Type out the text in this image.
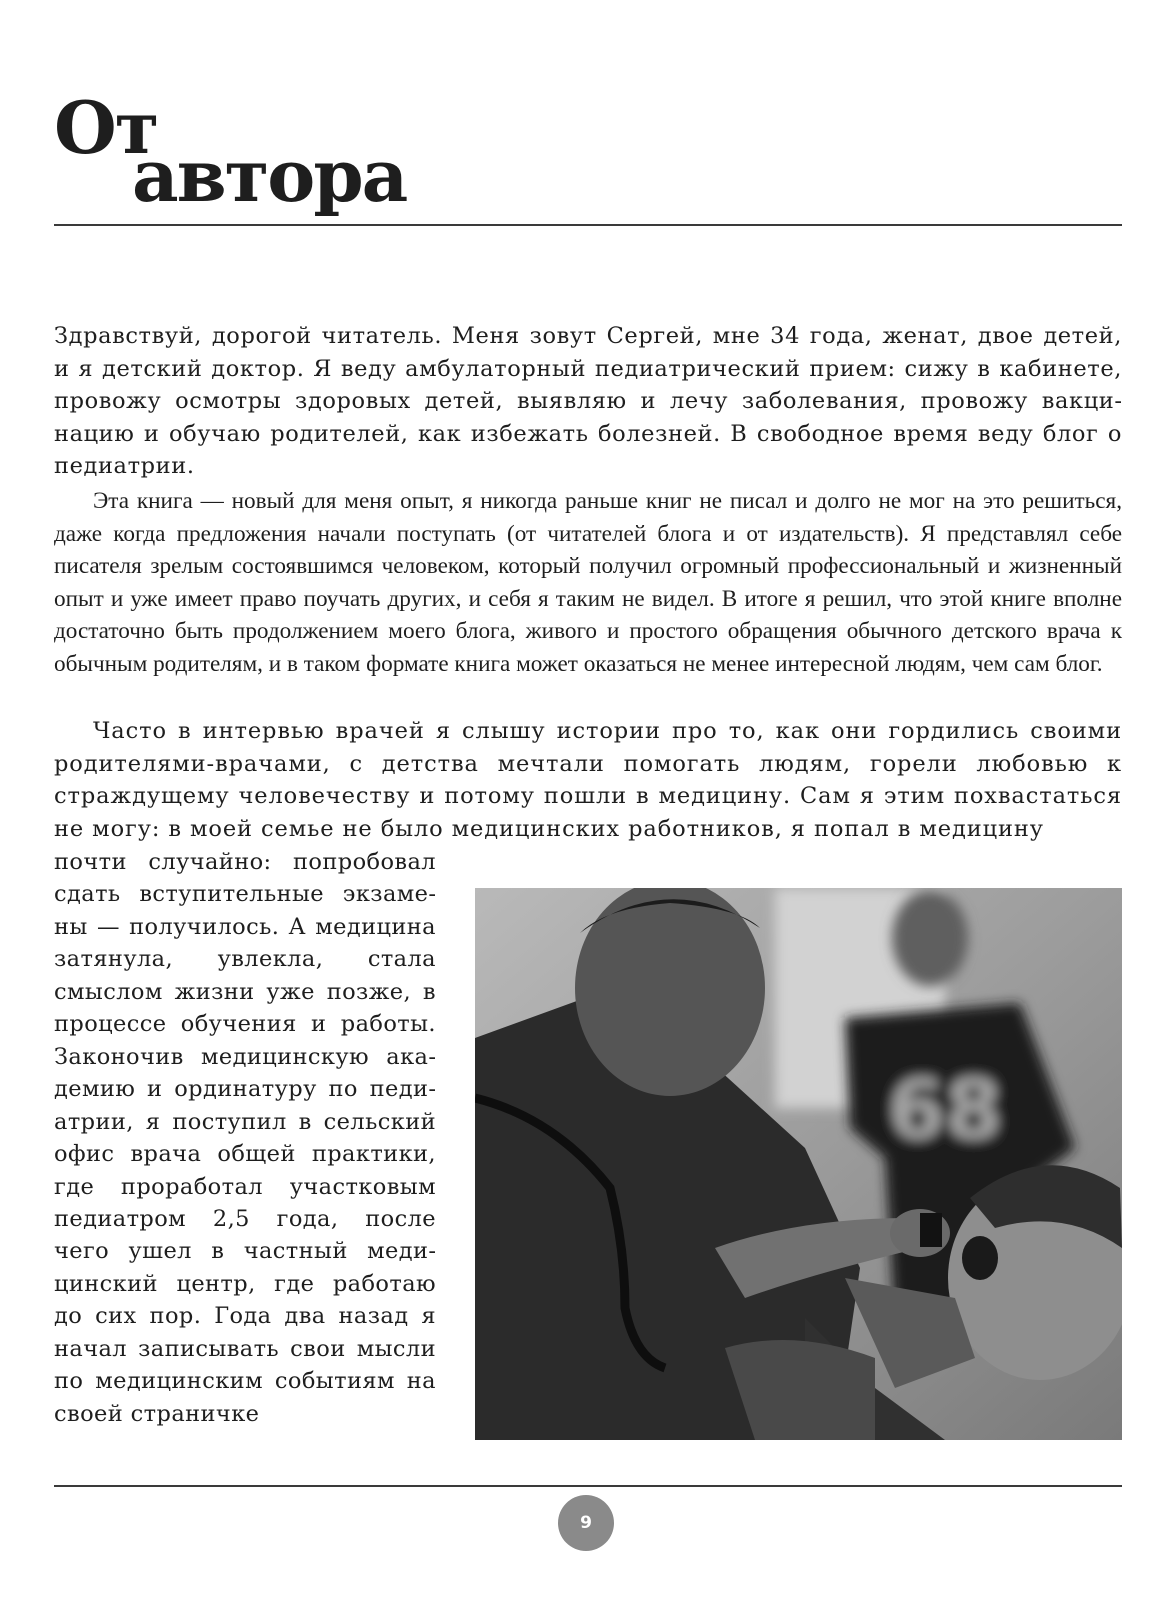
От
автора

Здравствуй, дорогой читатель. Меня зовут Сергей, мне 34 года, женат, двое детей, и я детский доктор. Я веду амбулаторный педиатрический прием: сижу в кабинете, провожу осмотры здоровых детей, выявляю и лечу заболевания, провожу вакцинацию и обучаю родителей, как избежать болезней. В свободное время веду блог о педиатрии.

Эта книга — новый для меня опыт, я никогда раньше книг не писал и долго не мог на это решиться, даже когда предложения начали поступать (от читателей блога и от издательств). Я представлял себе писателя зрелым состоявшимся человеком, который получил огромный профессиональный и жизненный опыт и уже имеет право поучать других, и себя я таким не видел. В итоге я решил, что этой книге вполне достаточно быть продолжением моего блога, живого и простого обращения обычного детского врача к обычным родителям, и в таком формате книга может оказаться не менее интересной людям, чем сам блог.

Часто в интервью врачей я слышу истории про то, как они гордились своими родителями-врачами, с детства мечтали помогать людям, горели любовью к страждущему человечеству и потому пошли в медицину. Сам я этим похвастаться не могу: в моей семье не было медицинских работников, я попал в медицину

почти случайно: попробовал сдать вступительные экзамены — получилось. А медицина затянула, увлекла, стала смыслом жизни уже позже, в процессе обучения и работы. Законочив медицинскую академию и ординатуру по педиатрии, я поступил в сельский офис врача общей практики, где проработал участковым педиатром 2,5 года, после чего ушел в частный медицинский центр, где работаю до сих пор. Года два назад я начал записывать свои мысли по медицинским событиям на своей страничке

68
9
